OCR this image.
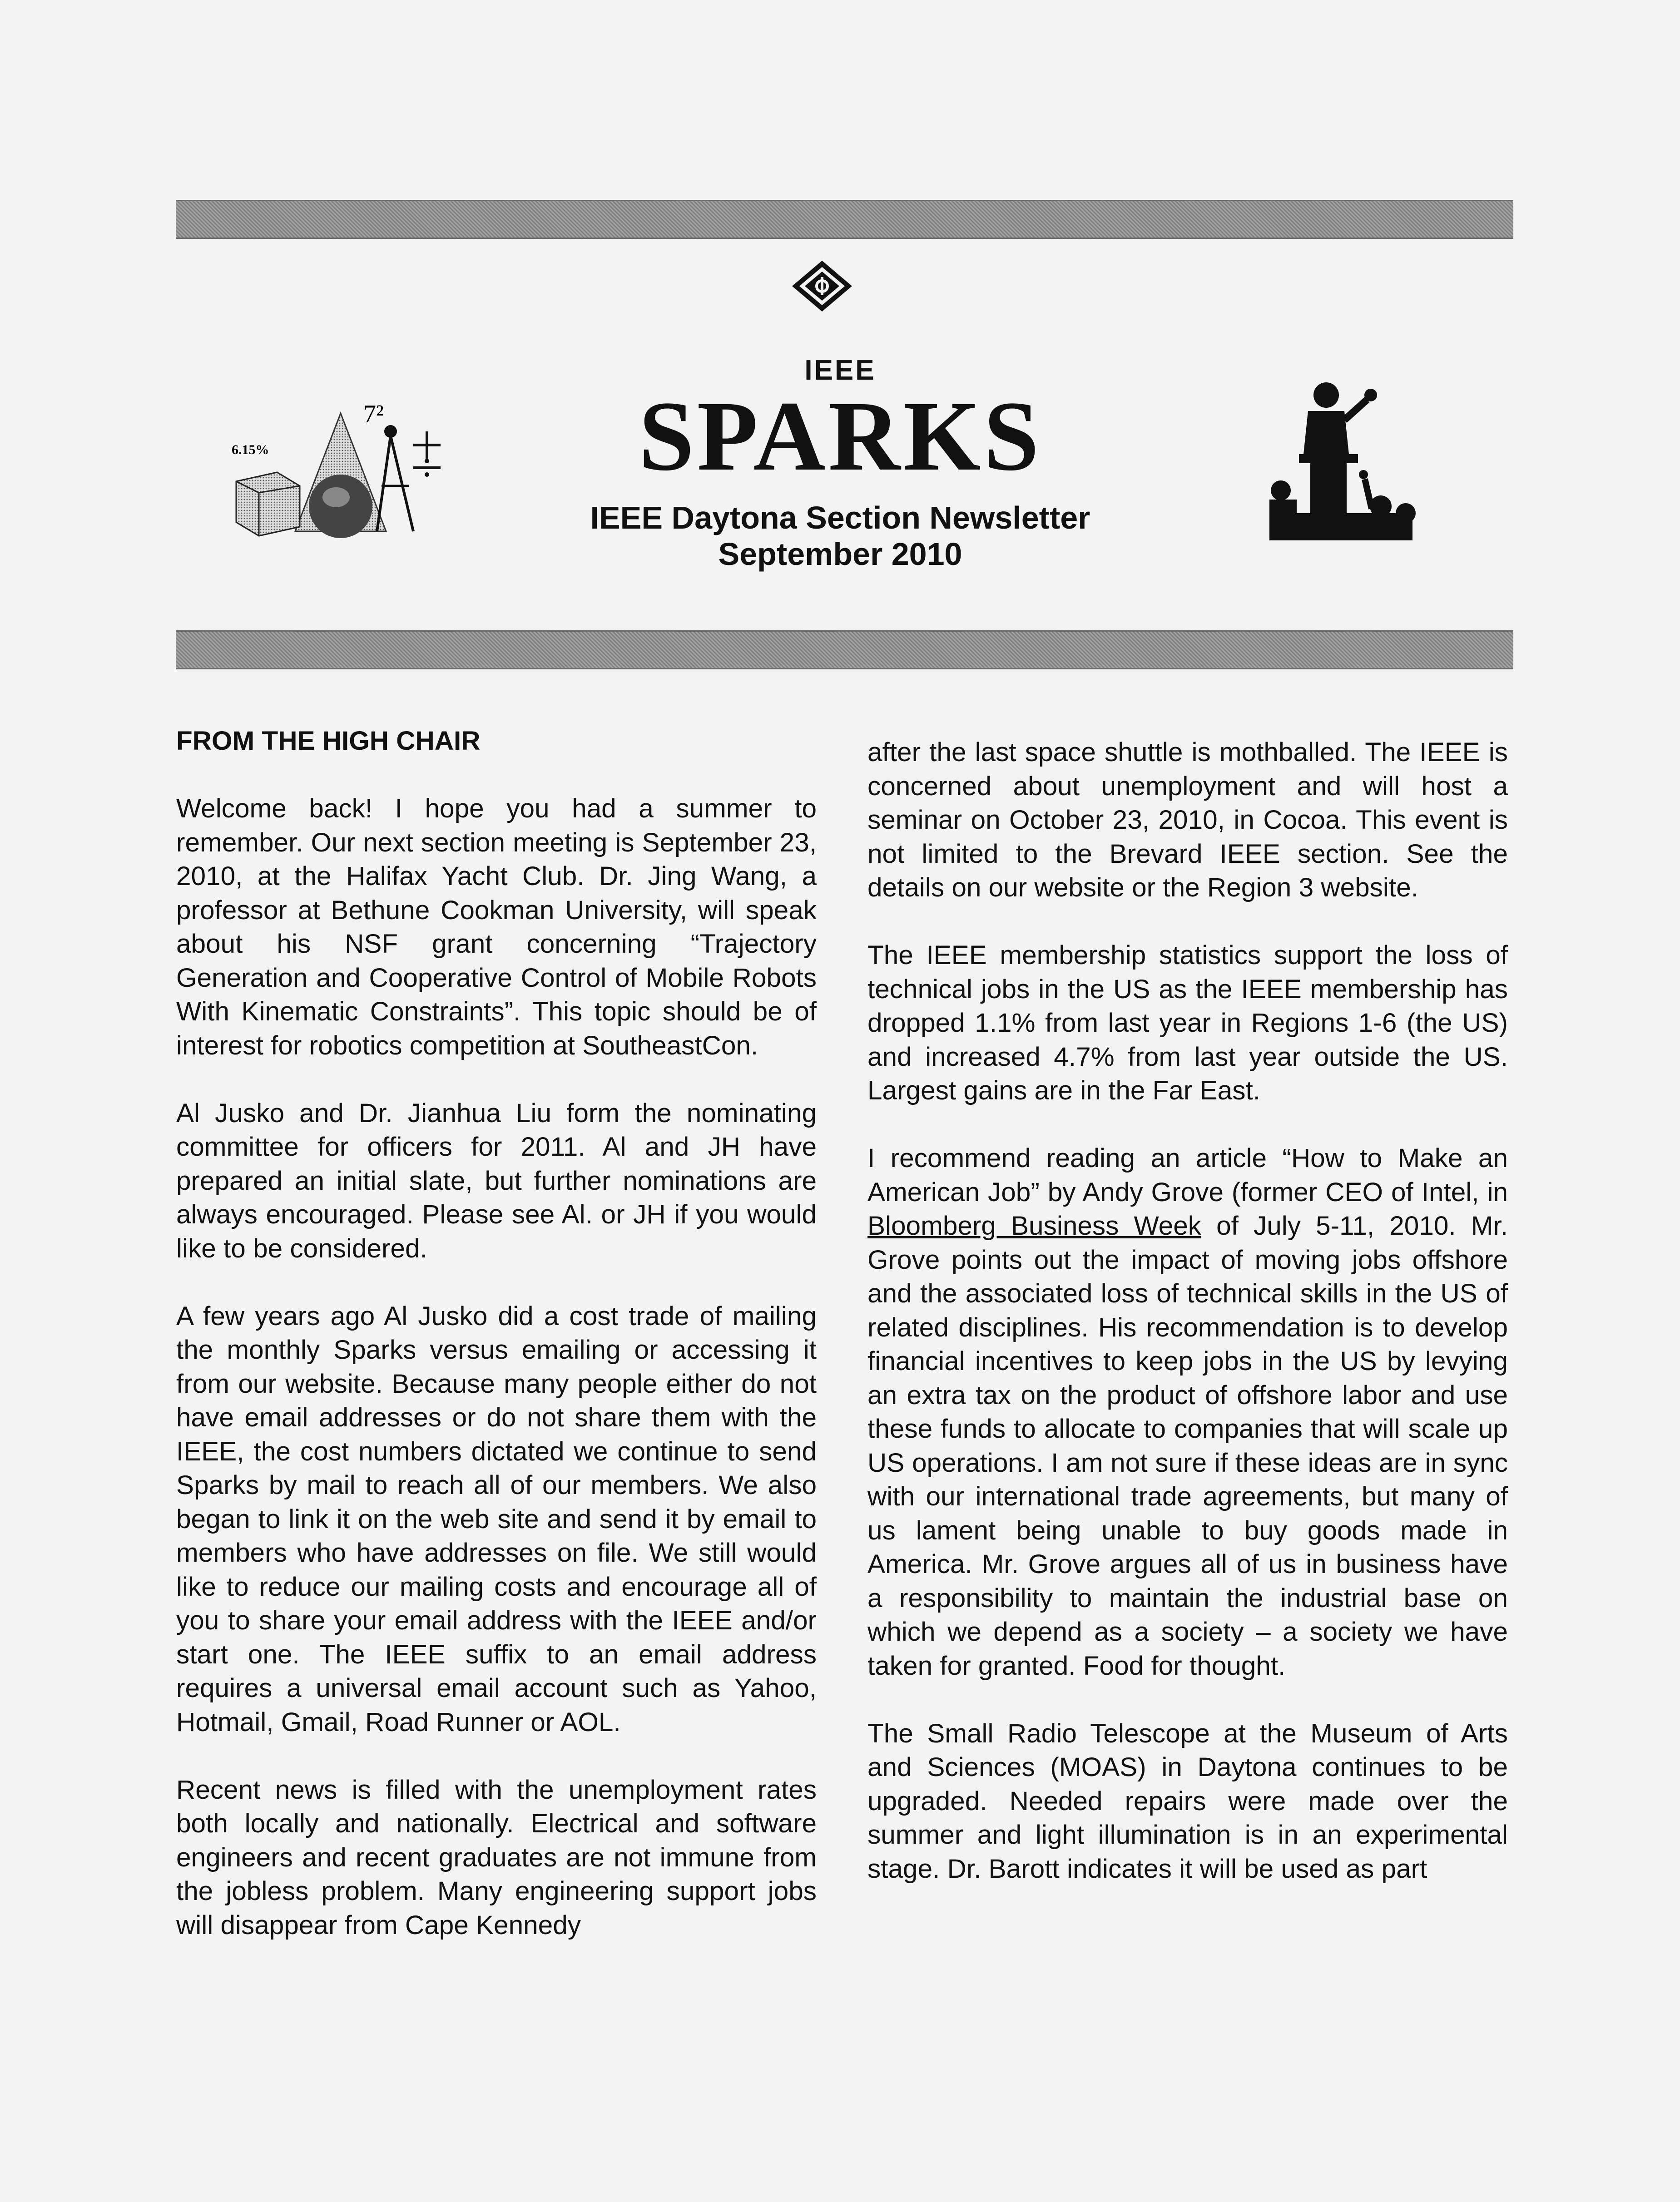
IEEE
SPARKS
IEEE Daytona Section Newsletter
September 2010
6.15%
7²
FROM THE HIGH CHAIR

Welcome back! I hope you had a summer to remember. Our next section meeting is September 23, 2010, at the Halifax Yacht Club. Dr. Jing Wang, a professor at Bethune Cookman University, will speak about his NSF grant concerning “Trajectory Generation and Cooperative Control of Mobile Robots With Kinematic Constraints”. This topic should be of interest for robotics competition at SoutheastCon.

Al Jusko and Dr. Jianhua Liu form the nominating committee for officers for 2011. Al and JH have prepared an initial slate, but further nominations are always encouraged. Please see Al. or JH if you would like to be considered.

A few years ago Al Jusko did a cost trade of mailing the monthly Sparks versus emailing or accessing it from our website. Because many people either do not have email addresses or do not share them with the IEEE, the cost numbers dictated we continue to send Sparks by mail to reach all of our members. We also began to link it on the web site and send it by email to members who have addresses on file. We still would like to reduce our mailing costs and encourage all of you to share your email address with the IEEE and/or start one. The IEEE suffix to an email address requires a universal email account such as Yahoo, Hotmail, Gmail, Road Runner or AOL.

Recent news is filled with the unemployment rates both locally and nationally. Electrical and software engineers and recent graduates are not immune from the jobless problem. Many engineering support jobs will disappear from Cape Kennedy

after the last space shuttle is mothballed. The IEEE is concerned about unemployment and will host a seminar on October 23, 2010, in Cocoa. This event is not limited to the Brevard IEEE section. See the details on our website or the Region 3 website.

The IEEE membership statistics support the loss of technical jobs in the US as the IEEE membership has dropped 1.1% from last year in Regions 1-6 (the US) and increased 4.7% from last year outside the US. Largest gains are in the Far East.

I recommend reading an article “How to Make an American Job” by Andy Grove (former CEO of Intel, in Bloomberg Business Week of July 5-11, 2010. Mr. Grove points out the impact of moving jobs offshore and the associated loss of technical skills in the US of related disciplines. His recommendation is to develop financial incentives to keep jobs in the US by levying an extra tax on the product of offshore labor and use these funds to allocate to companies that will scale up US operations. I am not sure if these ideas are in sync with our international trade agreements, but many of us lament being unable to buy goods made in America. Mr. Grove argues all of us in business have a responsibility to maintain the industrial base on which we depend as a society – a society we have taken for granted. Food for thought.

The Small Radio Telescope at the Museum of Arts and Sciences (MOAS) in Daytona continues to be upgraded. Needed repairs were made over the summer and light illumination is in an experimental stage. Dr. Barott indicates it will be used as part
